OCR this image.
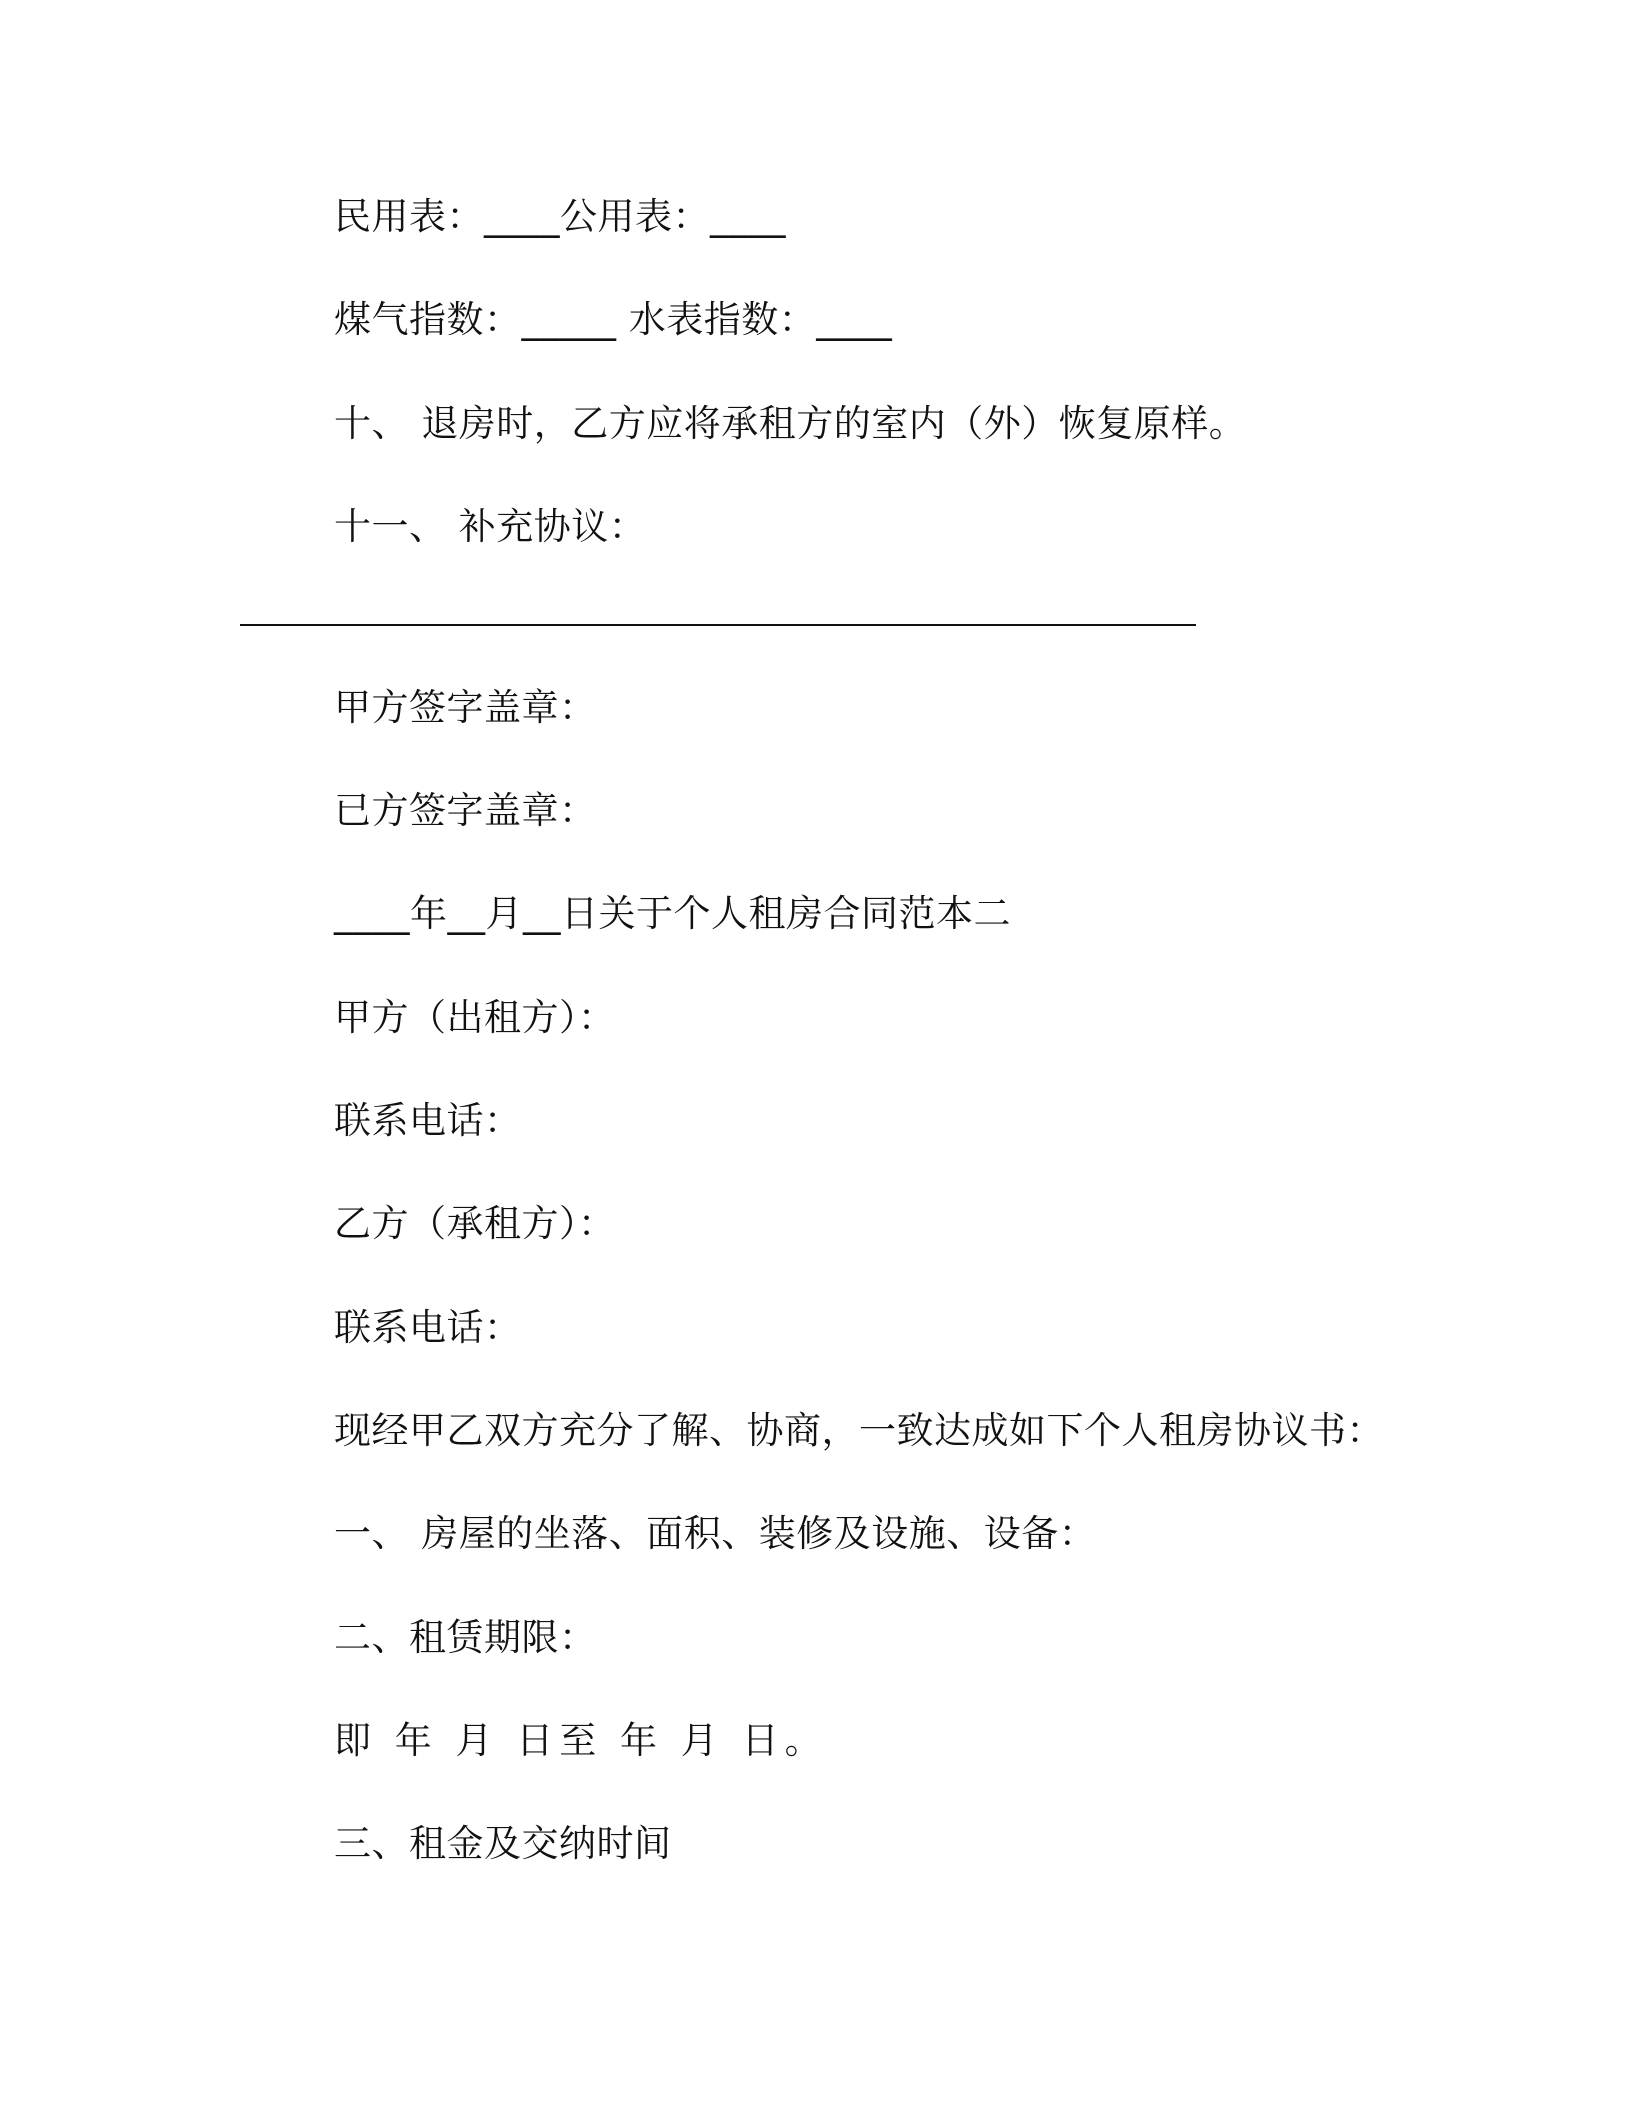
民用表：____公用表：____
煤气指数：_____ 水表指数：____
十、 退房时，乙方应将承租方的室内（外）恢复原样。
十一、 补充协议：
甲方签字盖章：
已方签字盖章：
____年__月__日关于个人租房合同范本二
甲方（出租方）：
联系电话：
乙方（承租方）：
联系电话：
现经甲乙双方充分了解、协商，一致达成如下个人租房协议书：
一、 房屋的坐落、面积、装修及设施、设备：
二、租赁期限：
即 年 月 日至 年 月 日。
三、租金及交纳时间
